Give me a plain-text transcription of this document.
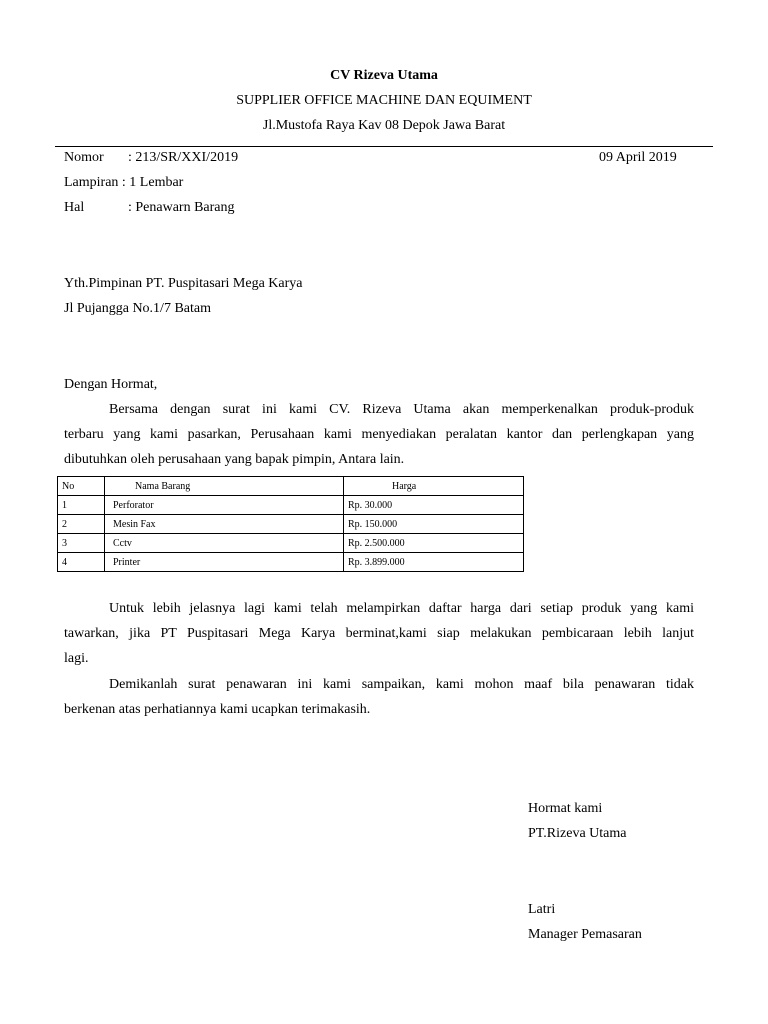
CV Rizeva Utama
SUPPLIER OFFICE MACHINE DAN EQUIMENT
Jl.Mustofa Raya Kav 08 Depok Jawa Barat
Nomor : 213/SR/XXI/2019	09 April 2019
Lampiran : 1 Lembar
Hal	: Penawarn Barang
Yth.Pimpinan PT. Puspitasari Mega Karya
Jl Pujangga No.1/7 Batam
Dengan Hormat,
Bersama dengan surat ini kami CV. Rizeva Utama akan memperkenalkan produk-produk
terbaru yang kami pasarkan, Perusahaan kami menyediakan peralatan kantor dan perlengkapan yang
dibutuhkan oleh perusahaan yang bapak pimpin, Antara lain.
No	Nama Barang	Harga
1	Perforator	Rp. 30.000
2	Mesin Fax	Rp. 150.000
3	Cctv	Rp. 2.500.000
4	Printer	Rp. 3.899.000
Untuk lebih jelasnya lagi kami telah melampirkan daftar harga dari setiap produk yang kami
tawarkan, jika PT Puspitasari Mega Karya berminat,kami siap melakukan pembicaraan lebih lanjut
lagi.
Demikanlah surat penawaran ini kami sampaikan, kami mohon maaf bila penawaran tidak
berkenan atas perhatiannya kami ucapkan terimakasih.
Hormat kami
PT.Rizeva Utama
Latri
Manager Pemasaran
